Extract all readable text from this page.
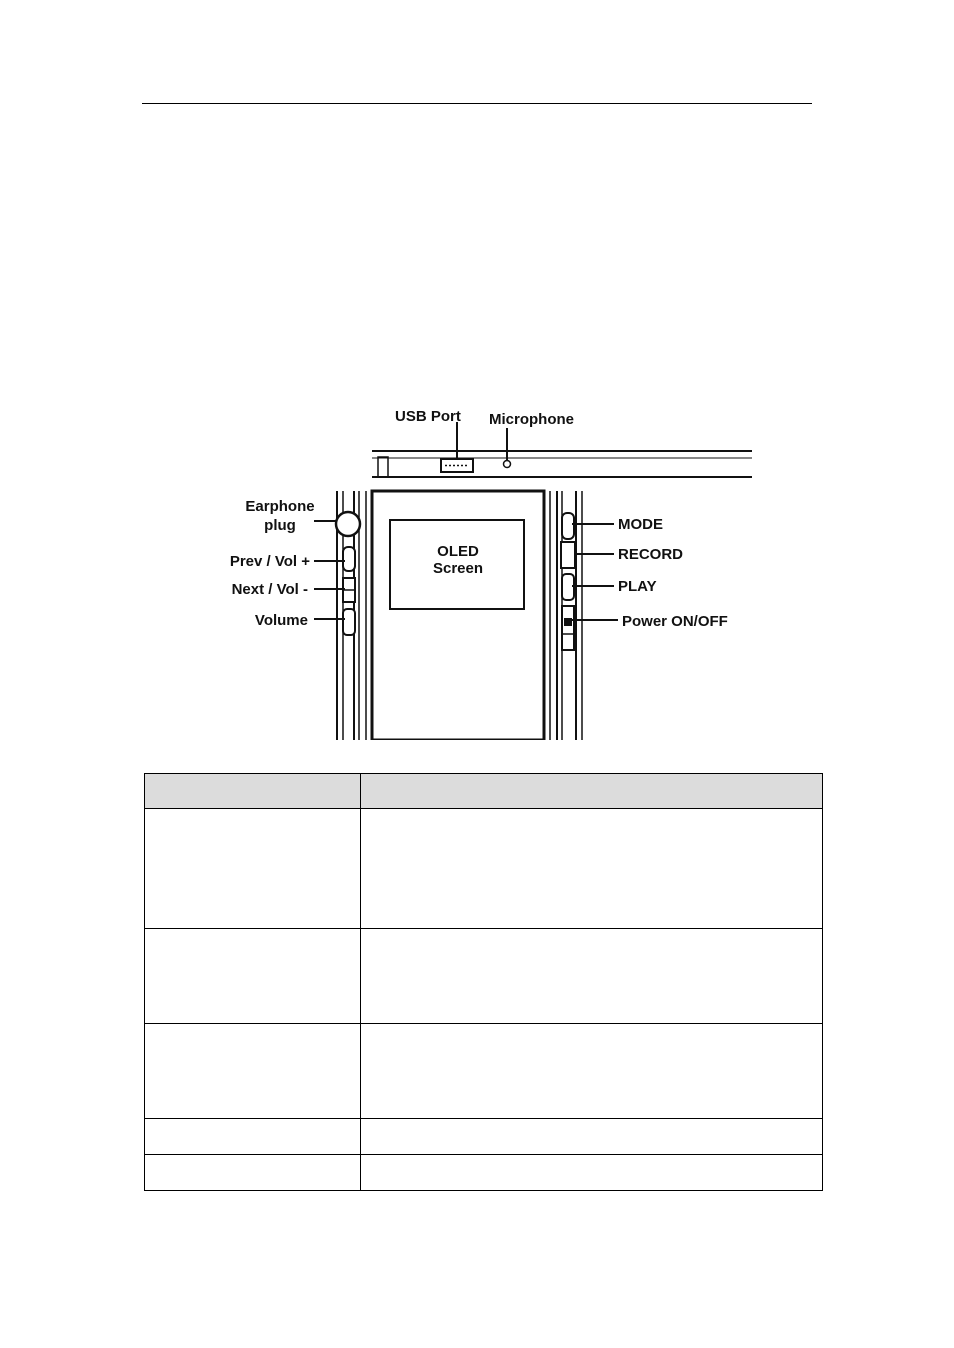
USB Port Microphone
OLED
Screen
Earphone
plug
Prev / Vol +
Next / Vol -
Volume
MODE
RECORD
PLAY
Power ON/OFF
